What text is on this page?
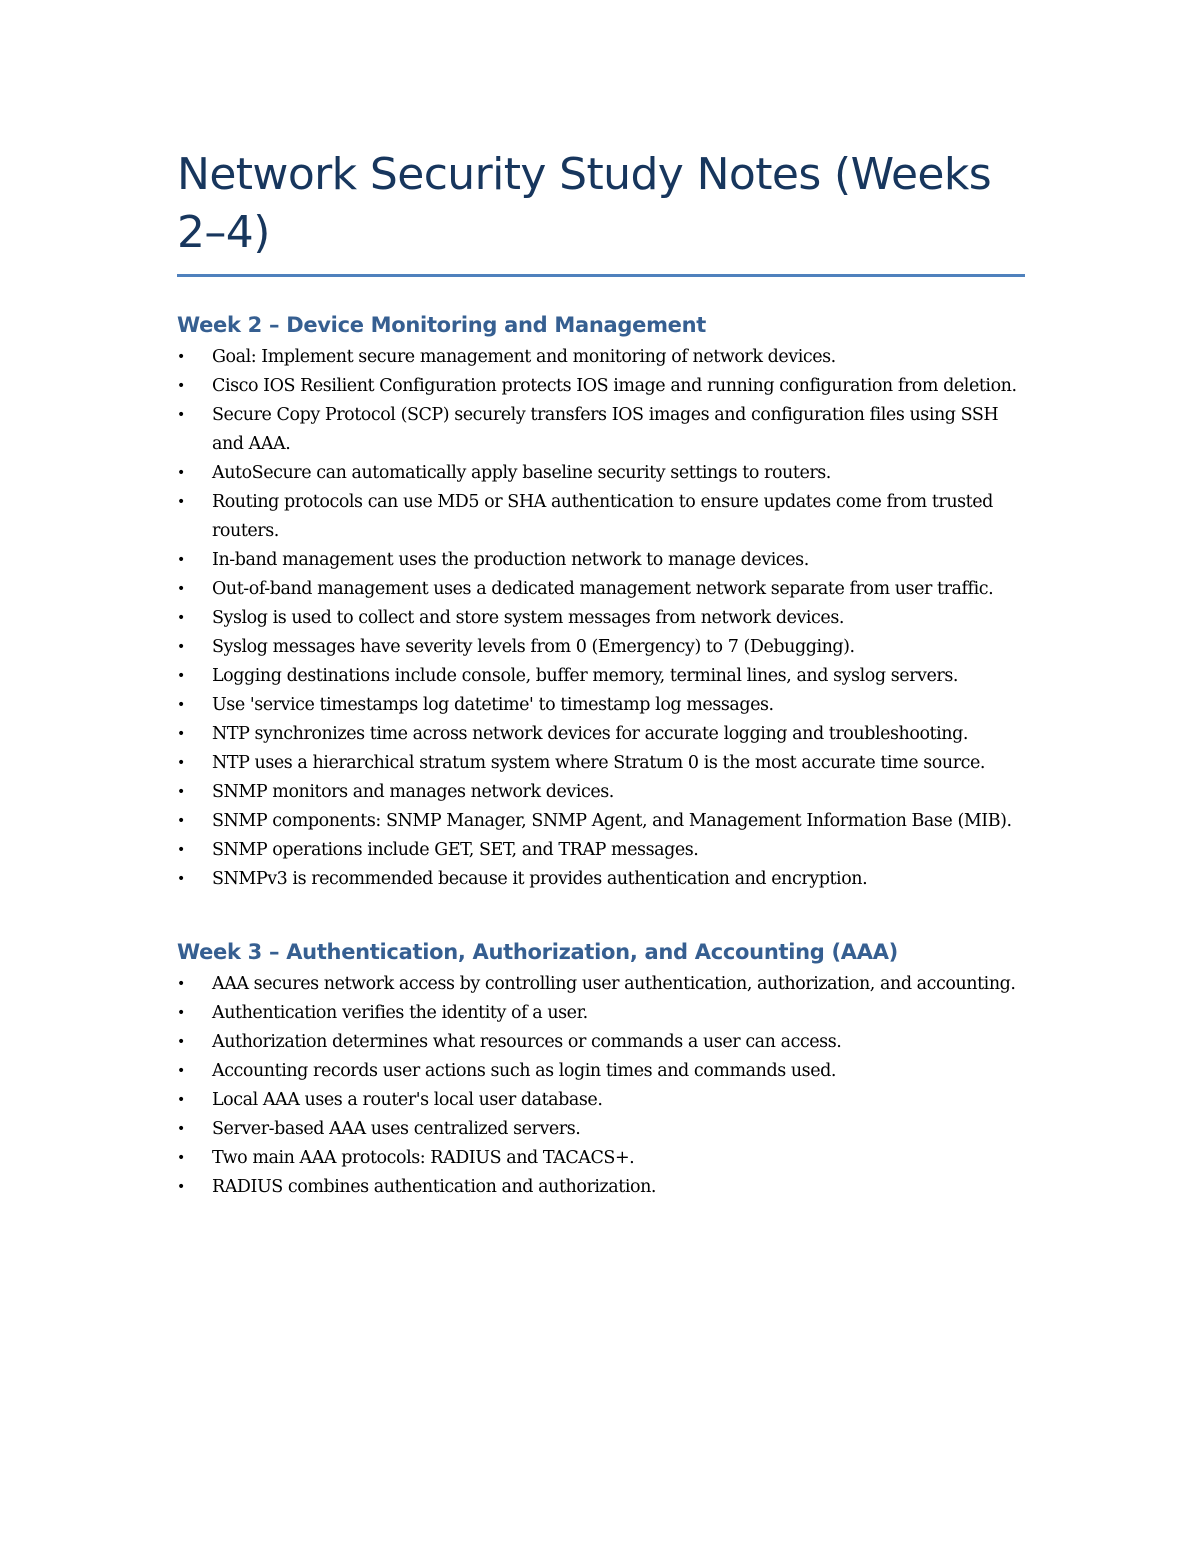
Network Security Study Notes (Weeks 2–4)
Week 2 – Device Monitoring and Management
• Goal: Implement secure management and monitoring of network devices.
• Cisco IOS Resilient Configuration protects IOS image and running configuration from deletion.
• Secure Copy Protocol (SCP) securely transfers IOS images and configuration files using SSH and AAA.
• AutoSecure can automatically apply baseline security settings to routers.
• Routing protocols can use MD5 or SHA authentication to ensure updates come from trusted routers.
• In-band management uses the production network to manage devices.
• Out-of-band management uses a dedicated management network separate from user traffic.
• Syslog is used to collect and store system messages from network devices.
• Syslog messages have severity levels from 0 (Emergency) to 7 (Debugging).
• Logging destinations include console, buffer memory, terminal lines, and syslog servers.
• Use 'service timestamps log datetime' to timestamp log messages.
• NTP synchronizes time across network devices for accurate logging and troubleshooting.
• NTP uses a hierarchical stratum system where Stratum 0 is the most accurate time source.
• SNMP monitors and manages network devices.
• SNMP components: SNMP Manager, SNMP Agent, and Management Information Base (MIB).
• SNMP operations include GET, SET, and TRAP messages.
• SNMPv3 is recommended because it provides authentication and encryption.
Week 3 – Authentication, Authorization, and Accounting (AAA)
• AAA secures network access by controlling user authentication, authorization, and accounting.
• Authentication verifies the identity of a user.
• Authorization determines what resources or commands a user can access.
• Accounting records user actions such as login times and commands used.
• Local AAA uses a router's local user database.
• Server-based AAA uses centralized servers.
• Two main AAA protocols: RADIUS and TACACS+.
• RADIUS combines authentication and authorization.
